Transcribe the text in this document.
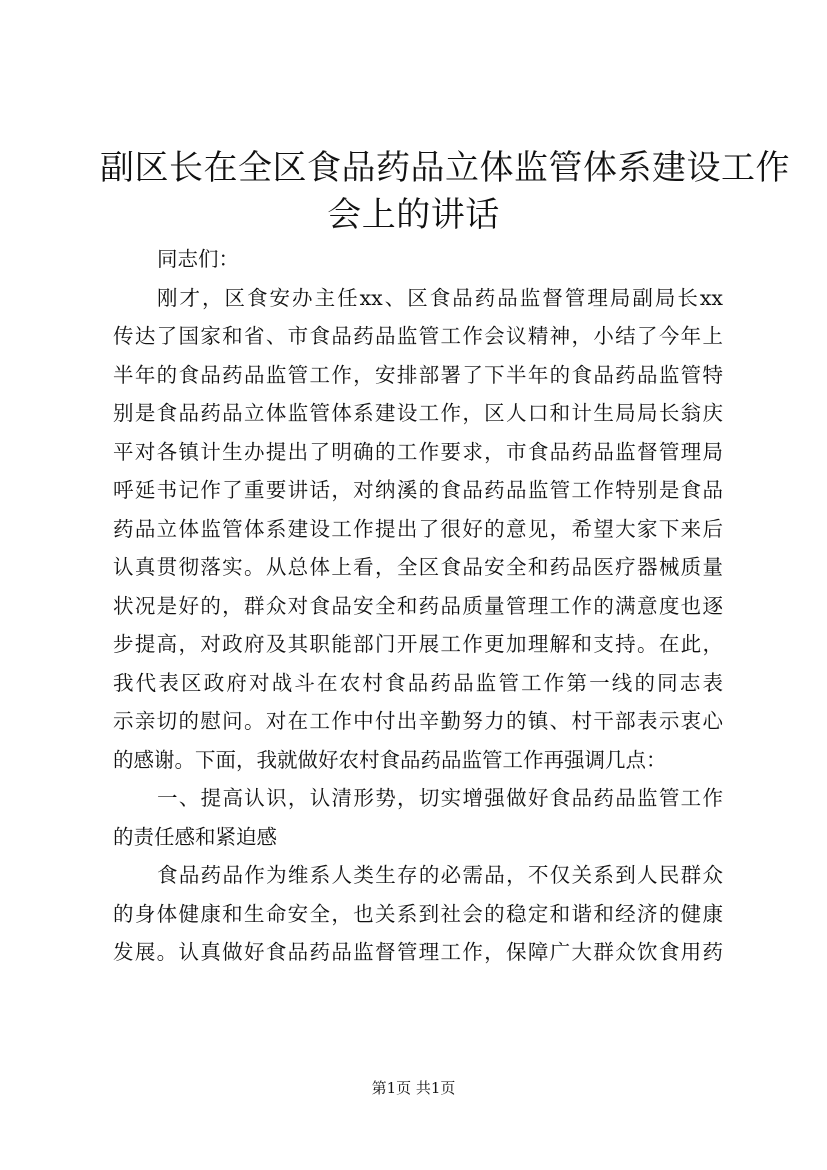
副区长在全区食品药品立体监管体系建设工作
会上的讲话
同志们：
刚才，区食安办主任xx、区食品药品监督管理局副局长xx
传达了国家和省、市食品药品监管工作会议精神，小结了今年上
半年的食品药品监管工作，安排部署了下半年的食品药品监管特
别是食品药品立体监管体系建设工作，区人口和计生局局长翁庆
平对各镇计生办提出了明确的工作要求，市食品药品监督管理局
呼延书记作了重要讲话，对纳溪的食品药品监管工作特别是食品
药品立体监管体系建设工作提出了很好的意见，希望大家下来后
认真贯彻落实。从总体上看，全区食品安全和药品医疗器械质量
状况是好的，群众对食品安全和药品质量管理工作的满意度也逐
步提高，对政府及其职能部门开展工作更加理解和支持。在此，
我代表区政府对战斗在农村食品药品监管工作第一线的同志表
示亲切的慰问。对在工作中付出辛勤努力的镇、村干部表示衷心
的感谢。下面，我就做好农村食品药品监管工作再强调几点：
一、提高认识，认清形势，切实增强做好食品药品监管工作
的责任感和紧迫感
食品药品作为维系人类生存的必需品，不仅关系到人民群众
的身体健康和生命安全，也关系到社会的稳定和谐和经济的健康
发展。认真做好食品药品监督管理工作，保障广大群众饮食用药
第1页 共1页
